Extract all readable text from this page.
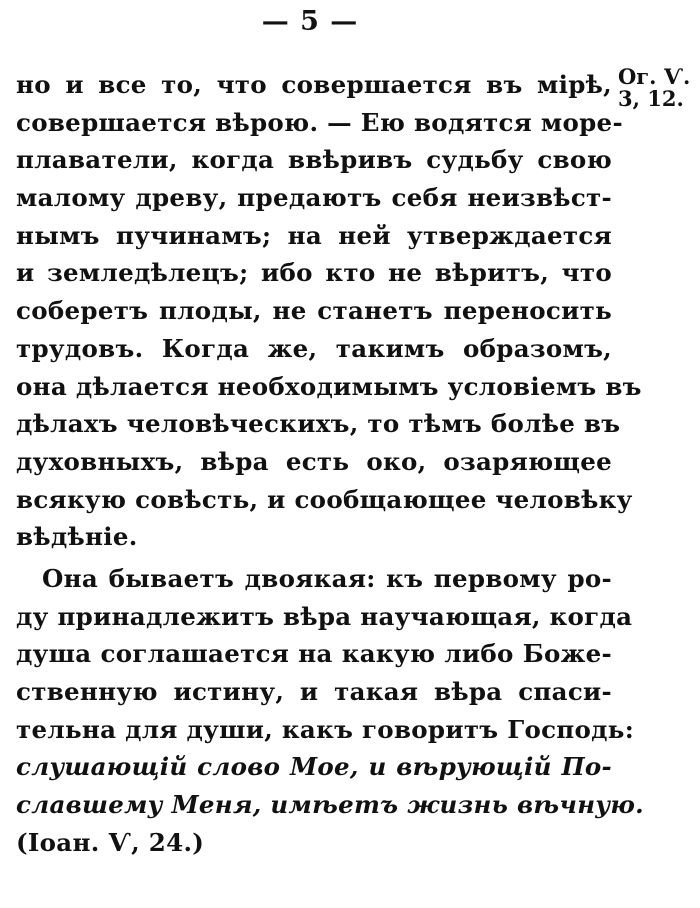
— 5 —
Ог. Ѵ.
3, 12.
но и все то, что совершается въ мірѣ,
совершается вѣрою. — Ею водятся море-
плаватели, когда ввѣривъ судьбу свою
малому древу, предаютъ себя неизвѣст-
нымъ пучинамъ; на ней утверждается
и земледѣлецъ; ибо кто не вѣритъ, что
соберетъ плоды, не станетъ переносить
трудовъ. Когда же, такимъ образомъ,
она дѣлается необходимымъ условіемъ въ
дѣлахъ человѣческихъ, то тѣмъ болѣе въ
духовныхъ, вѣра есть око, озаряющее
всякую совѣсть, и сообщающее человѣку
вѣдѣніе.
Она бываетъ двоякая: къ первому ро-
ду принадлежитъ вѣра научающая, когда
душа соглашается на какую либо Боже-
ственную истину, и такая вѣра спаси-
тельна для души, какъ говоритъ Господь:
слушающій слово Мое, и вѣрующій По-
славшему Меня, имѣетъ жизнь вѣчную.
(Іоан. Ѵ, 24.)
